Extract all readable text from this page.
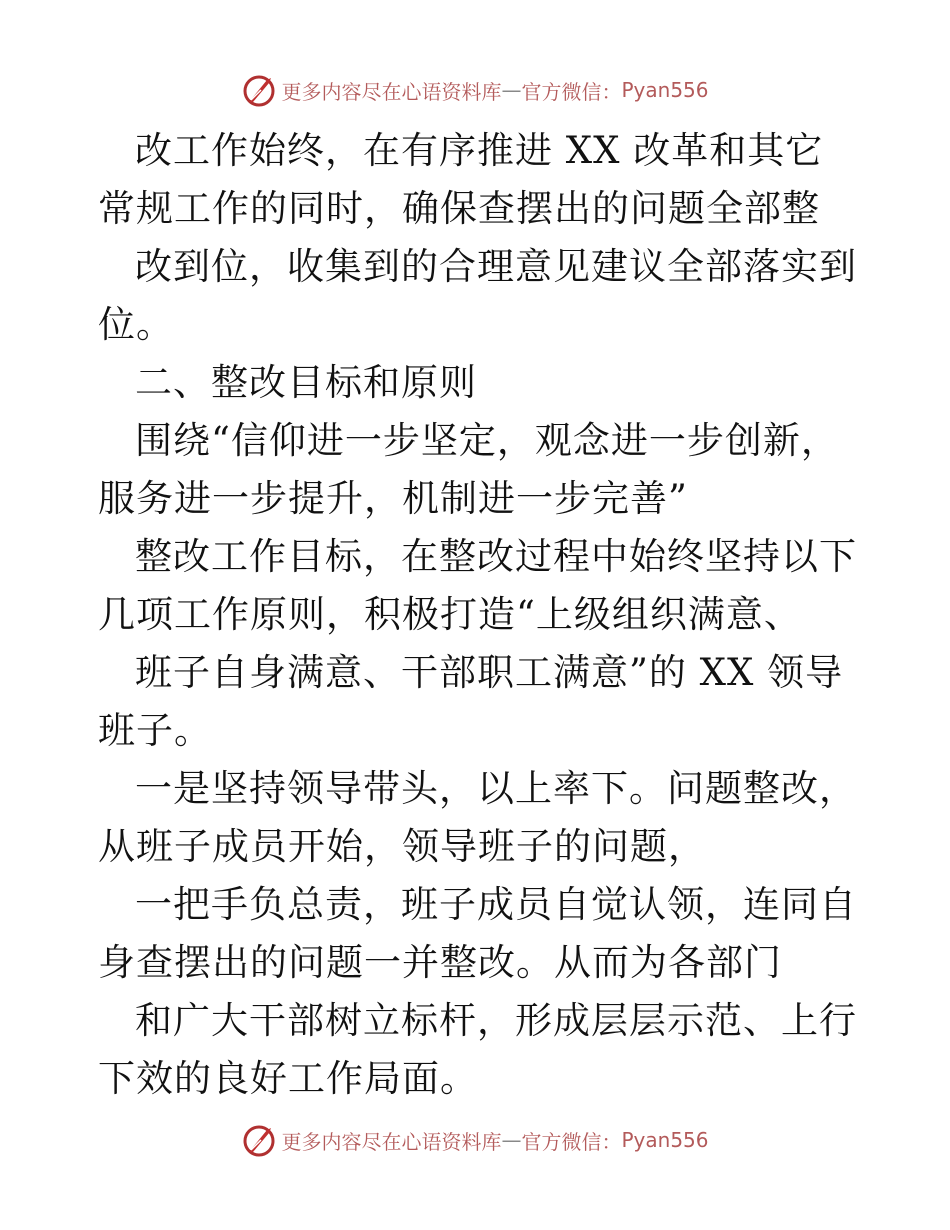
更多内容尽在心语资料库 — 官方微信： Pyan556

改工作始终，在有序推进 XX 改革和其它常规工作的同时，确保查摆出的问题全部整

改到位，收集到的合理意见建议全部落实到位。

二、整改目标和原则

围绕“信仰进一步坚定，观念进一步创新，服务进一步提升，机制进一步完善”

整改工作目标，在整改过程中始终坚持以下几项工作原则，积极打造“上级组织满意、

班子自身满意、干部职工满意”的 XX 领导班子。

一是坚持领导带头，以上率下。问题整改，从班子成员开始，领导班子的问题，

一把手负总责，班子成员自觉认领，连同自身查摆出的问题一并整改。从而为各部门

和广大干部树立标杆，形成层层示范、上行下效的良好工作局面。

更多内容尽在心语资料库 — 官方微信： Pyan556
